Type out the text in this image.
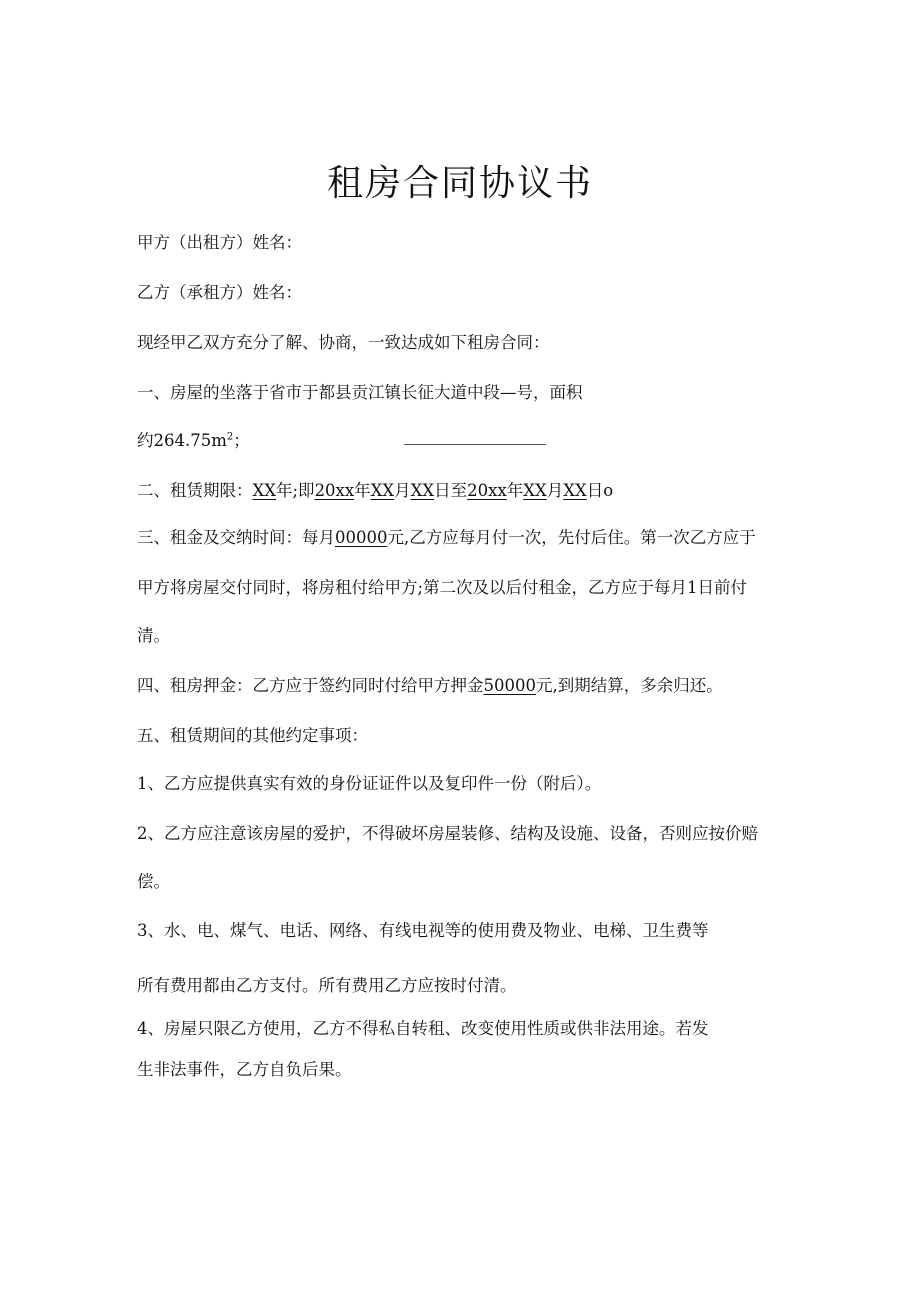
租房合同协议书
甲方（出租方）姓名：
乙方（承租方）姓名：
现经甲乙双方充分了解、协商，一致达成如下租房合同：
一、房屋的坐落于省市于都县贡江镇长征大道中段—号，面积
约$264.75m^2$；
二、租赁期限：XX年;即20xx年XX月XX日至20xx年XX月XX日o
三、租金及交纳时间：每月00000元,乙方应每月付一次，先付后住。第一次乙方应于
甲方将房屋交付同时，将房租付给甲方;第二次及以后付租金，乙方应于每月1日前付
清。
四、租房押金：乙方应于签约同时付给甲方押金50000元,到期结算，多余归还。
五、租赁期间的其他约定事项：
1、乙方应提供真实有效的身份证证件以及复印件一份（附后）。
2、乙方应注意该房屋的爱护，不得破坏房屋装修、结构及设施、设备，否则应按价赔
偿。
3、水、电、煤气、电话、网络、有线电视等的使用费及物业、电梯、卫生费等
所有费用都由乙方支付。所有费用乙方应按时付清。
4、房屋只限乙方使用，乙方不得私自转租、改变使用性质或供非法用途。若发
生非法事件，乙方自负后果。
